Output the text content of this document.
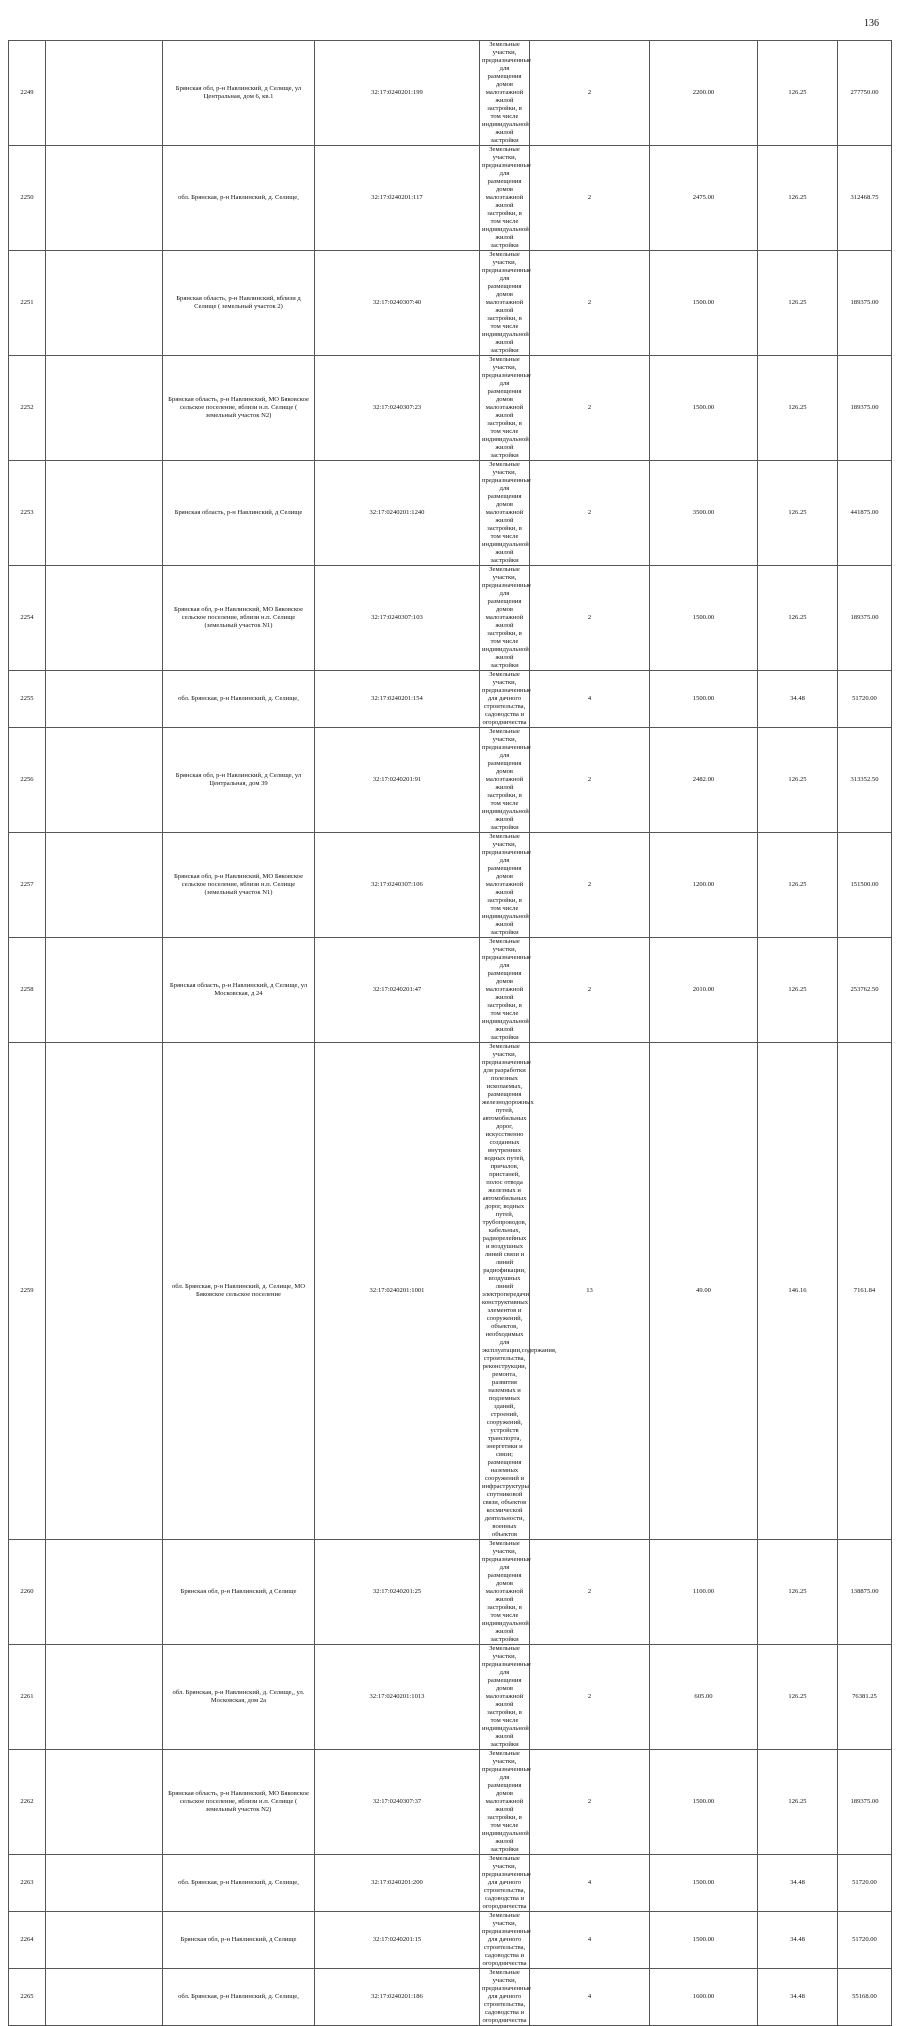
136
2249		Брянская обл, р-н Навлинский, д Селище, ул Центральная, дом 6, кв.1	32:17:0240201:199	Земельные участки, предназначенные для размещения домов малоэтажной жилой застройки, в том числе индивидуальной жилой застройки	2	2200.00	126.25	277750.00
2250		обл. Брянская, р-н Навлинский, д. Селище,	32:17:0240201:117	Земельные участки, предназначенные для размещения домов малоэтажной жилой застройки, в том числе индивидуальной жилой застройки	2	2475.00	126.25	312468.75
2251		Брянская область, р-н Навлинский, вблизи д Селище ( земельный участок 2)	32:17:0240307:40	Земельные участки, предназначенные для размещения домов малоэтажной жилой застройки, в том числе индивидуальной жилой застройки	2	1500.00	126.25	189375.00
2252		Брянская область, р-н Навлинский, МО Бяковское сельское поселение, вблизи н.п. Селище ( земельный участок N2)	32:17:0240307:23	Земельные участки, предназначенные для размещения домов малоэтажной жилой застройки, в том числе индивидуальной жилой застройки	2	1500.00	126.25	189375.00
2253		Брянская область, р-н Навлинский, д Селище	32:17:0240201:1240	Земельные участки, предназначенные для размещения домов малоэтажной жилой застройки, в том числе индивидуальной жилой застройки	2	3500.00	126.25	441875.00
2254		Брянская обл, р-н Навлинский, МО Бяковское сельское поселение, вблизи н.п. Селище (земельный участок N1)	32:17:0240307:103	Земельные участки, предназначенные для размещения домов малоэтажной жилой застройки, в том числе индивидуальной жилой застройки	2	1500.00	126.25	189375.00
2255		обл. Брянская, р-н Навлинский, д. Селище,	32:17:0240201:154	Земельные участки, предназначенные для дачного строительства, садоводства и огородничества	4	1500.00	34.48	51720.00
2256		Брянская обл, р-н Навлинский, д Селище, ул Центральная, дом 39	32:17:0240201:91	Земельные участки, предназначенные для размещения домов малоэтажной жилой застройки, в том числе индивидуальной жилой застройки	2	2482.00	126.25	313352.50
2257		Брянская обл, р-н Навлинский, МО Бяковское сельское поселение, вблизи н.п. Селище (земельный участок N1)	32:17:0240307:106	Земельные участки, предназначенные для размещения домов малоэтажной жилой застройки, в том числе индивидуальной жилой застройки	2	1200.00	126.25	151500.00
2258		Брянская область, р-н Навлинский, д Селище, ул Московская, д 24	32:17:0240201:47	Земельные участки, предназначенные для размещения домов малоэтажной жилой застройки, в том числе индивидуальной жилой застройки	2	2010.00	126.25	253762.50
2259		обл. Брянская, р-н Навлинский, д. Селище, МО Бяковское сельское поселение	32:17:0240201:1001	Земельные участки, предназначенные для разработки полезных ископаемых, размещения железнодорожных путей, автомобильных дорог, искусственно созданных внутренних водных путей, причалов, пристаней, полос отвода железных и автомобильных дорог, водных путей, трубопроводов, кабельных, радиорелейных и воздушных линий связи и линий радиофикации, воздушных линий электропередачи конструктивных элементов и сооружений, объектов, необходимых для эксплуатации,содержания, строительства, реконструкции, ремонта, развития наземных и подземных зданий, строений, сооружений, устройств транспорта, энергетики и связи; размещения наземных сооружений и инфраструктуры спутниковой связи, объектов космической деятельности, военных объектов	13	49.00	146.16	7161.84
2260		Брянская обл, р-н Навлинский, д Селище	32:17:0240201:25	Земельные участки, предназначенные для размещения домов малоэтажной жилой застройки, в том числе индивидуальной жилой застройки	2	1100.00	126.25	138875.00
2261		обл. Брянская, р-н Навлинский, д. Селище,, ул. Московская, дом 2а	32:17:0240201:1013	Земельные участки, предназначенные для размещения домов малоэтажной жилой застройки, в том числе индивидуальной жилой застройки	2	605.00	126.25	76381.25
2262		Брянская область, р-н Навлинский, МО Бяковское сельское поселение, вблизи н.п. Селище ( земельный участок N2)	32:17:0240307:37	Земельные участки, предназначенные для размещения домов малоэтажной жилой застройки, в том числе индивидуальной жилой застройки	2	1500.00	126.25	189375.00
2263		обл. Брянская, р-н Навлинский, д. Селище,	32:17:0240201:200	Земельные участки, предназначенные для дачного строительства, садоводства и огородничества	4	1500.00	34.48	51720.00
2264		Брянская обл, р-н Навлинский, д Селище	32:17:0240201:15	Земельные участки, предназначенные для дачного строительства, садоводства и огородничества	4	1500.00	34.48	51720.00
2265		обл. Брянская, р-н Навлинский, д. Селище,	32:17:0240201:186	Земельные участки, предназначенные для дачного строительства, садоводства и огородничества	4	1600.00	34.48	55168.00
